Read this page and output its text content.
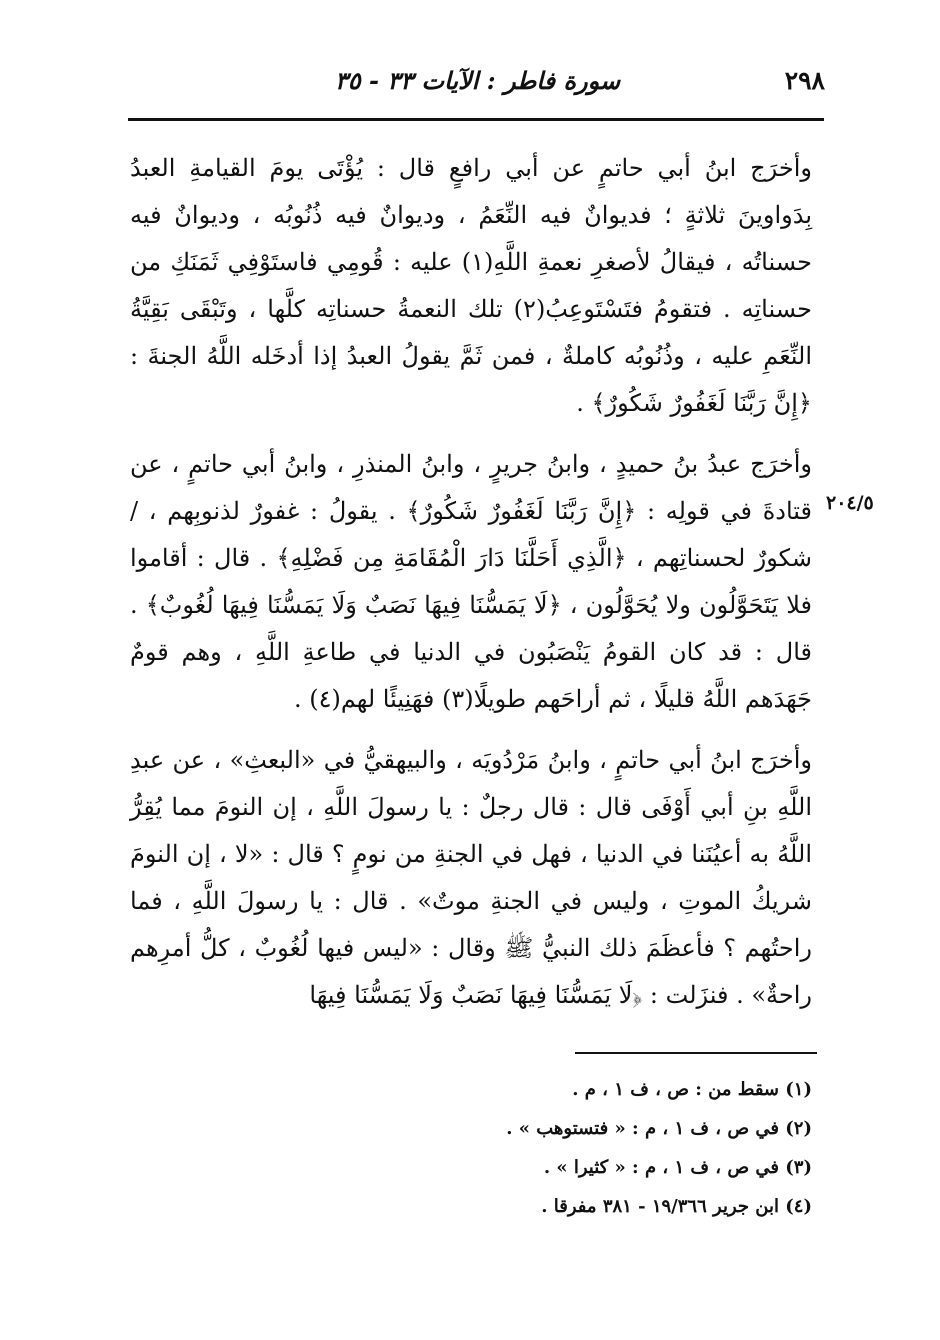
٢٩٨
سورة فاطر : الآيات ٣٣ - ٣٥
٢٠٤/٥

وأخرَج ابنُ أبي حاتمٍ عن أبي رافعٍ قال : يُؤْتَى يومَ القيامةِ العبدُ بِدَواوينَ ثلاثةٍ ؛ فديوانٌ فيه النِّعَمُ ، وديوانٌ فيه ذُنُوبُه ، وديوانٌ فيه حسناتُه ، فيقالُ لأصغرِ نعمةِ اللَّهِ(١) عليه : قُومِي فاستَوْفِي ثَمَنَكِ من حسناتِه . فتقومُ فتَسْتَوعِبُ(٢) تلك النعمةُ حسناتِه كلَّها ، وتَبْقَى بَقِيَّةُ النِّعَمِ عليه ، وذُنُوبُه كاملةٌ ، فمن ثَمَّ يقولُ العبدُ إذا أدخَله اللَّهُ الجنةَ : ﴿إِنَّ رَبَّنَا لَغَفُورٌ شَكُورٌ﴾ .

وأخرَج عبدُ بنُ حميدٍ ، وابنُ جريرٍ ، وابنُ المنذرِ ، وابنُ أبي حاتمٍ ، عن قتادةَ في قولِه : ﴿إِنَّ رَبَّنَا لَغَفُورٌ شَكُورٌ﴾ . يقولُ : غفورٌ لذنوبِهم ، /شكورٌ لحسناتِهم ، ﴿الَّذِي أَحَلَّنَا دَارَ الْمُقَامَةِ مِن فَضْلِهِ﴾ . قال : أقاموا فلا يَتَحَوَّلُون ولا يُحَوَّلُون ، ﴿لَا يَمَسُّنَا فِيهَا نَصَبٌ وَلَا يَمَسُّنَا فِيهَا لُغُوبٌ﴾ . قال : قد كان القومُ يَنْصَبُون في الدنيا في طاعةِ اللَّهِ ، وهم قومٌ جَهَدَهم اللَّهُ قليلًا ، ثم أراحَهم طويلًا(٣) فهَنِيئًا لهم(٤) .

وأخرَج ابنُ أبي حاتمٍ ، وابنُ مَرْدُويَه ، والبيهقيُّ في «البعثِ» ، عن عبدِ اللَّهِ بنِ أبي أَوْفَى قال : قال رجلٌ : يا رسولَ اللَّهِ ، إن النومَ مما يُقِرُّ اللَّهُ به أعيُنَنا في الدنيا ، فهل في الجنةِ من نومٍ ؟ قال : «لا ، إن النومَ شريكُ الموتِ ، وليس في الجنةِ موتٌ» . قال : يا رسولَ اللَّهِ ، فما راحتُهم ؟ فأعظَمَ ذلك النبيُّ ﷺ وقال : «ليس فيها لُغُوبٌ ، كلُّ أمرِهم راحةٌ» . فنزَلت : ﴿لَا يَمَسُّنَا فِيهَا نَصَبٌ وَلَا يَمَسُّنَا فِيهَا

(١) سقط من : ص ، ف ١ ، م .

(٢) في ص ، ف ١ ، م : « فتستوهب » .

(٣) في ص ، ف ١ ، م : « كثيرا » .

(٤) ابن جرير ١٩/٣٦٦ - ٣٨١ مفرقا .
